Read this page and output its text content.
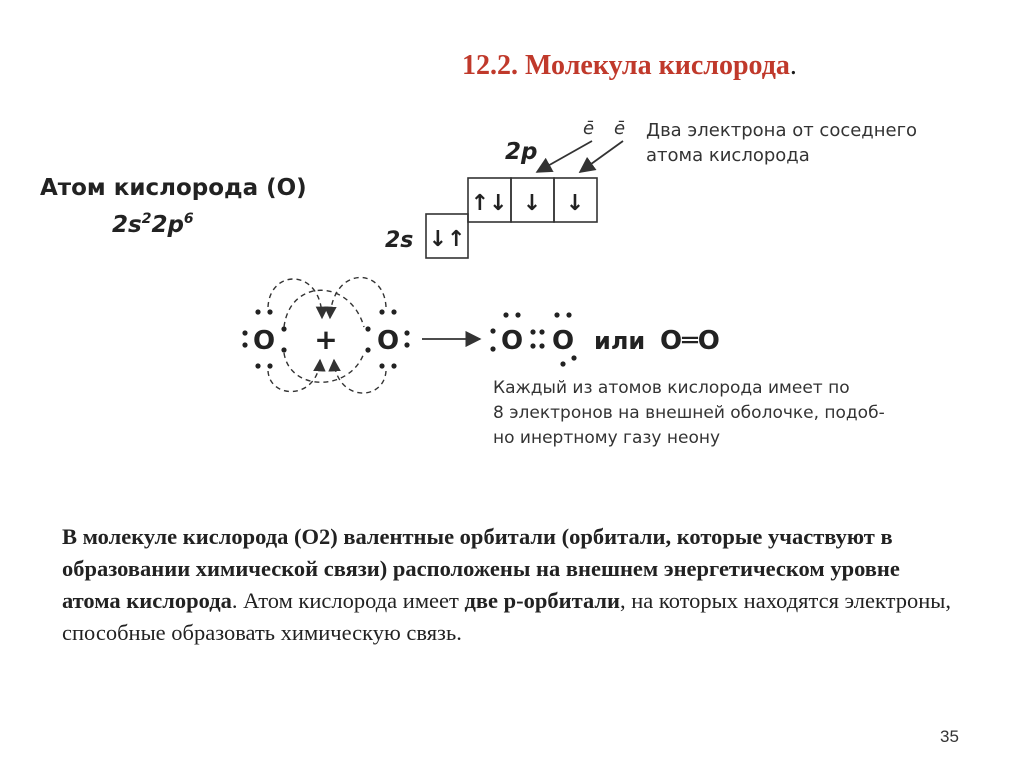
12.2. Молекула кислорода.
Атом кислорода (О)
$2s^22p^6$
2p
2s ↓↑
↑↓ ↓ ↓
ē ē Два электрона от соседнего
атома кислорода
O + O	O O или O═O
Каждый из атомов кислорода имеет по
8 электронов на внешней оболочке, подоб-
но инертному газу неону
В молекуле кислорода (О2) валентные орбитали (орбитали, которые участвуют в образовании химической связи) расположены на внешнем энергетическом уровне атома кислорода. Атом кислорода имеет две р-орбитали, на которых находятся электроны, способные образовать химическую связь.
35
